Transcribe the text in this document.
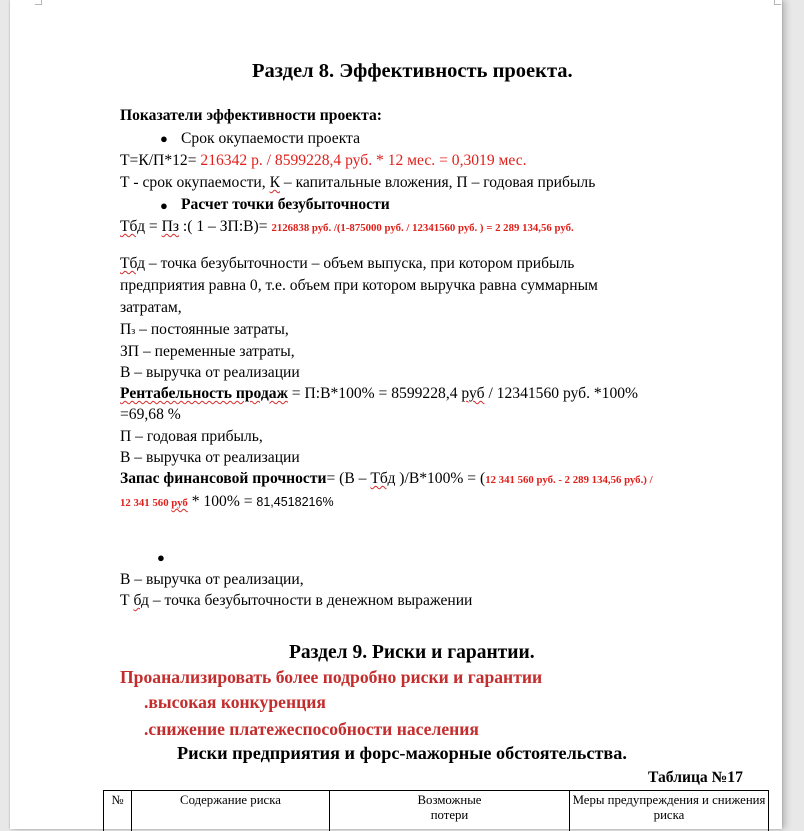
Раздел 8. Эффективность проекта.
Показатели эффективности проекта:
● Срок окупаемости проекта
Т=К/П*12= 216342 р. / 8599228,4 руб. * 12 мес. = 0,3019 мес.
Т - срок окупаемости, К – капитальные вложения, П – годовая прибыль
● Расчет точки безубыточности
Тбд = Пз :( 1 – ЗП:В)= 2126838 руб. /(1-875000 руб. / 12341560 руб. ) = 2 289 134,56 руб.
Тбд – точка безубыточности – объем выпуска, при котором прибыль
предприятия равна 0, т.е. объем при котором выручка равна суммарным
затратам,
Пз – постоянные затраты,
ЗП – переменные затраты,
В – выручка от реализации
Рентабельность продаж = П:В*100% = 8599228,4 руб / 12341560 руб. *100%
=69,68 %
П – годовая прибыль,
В – выручка от реализации
Запас финансовой прочности= (В – Тбд )/В*100% = (12 341 560 руб. - 2 289 134,56 руб.) /
12 341 560 руб * 100% = 81,4518216%
●
В – выручка от реализации,
Т бд – точка безубыточности в денежном выражении
Раздел 9. Риски и гарантии.
Проанализировать более подробно риски и гарантии
.высокая конкуренция
.снижение платежеспособности населения
Риски предприятия и форс-мажорные обстоятельства.
Таблица №17
№	Содержание риска	Возможные потери
Меры предупреждения и снижения риска
